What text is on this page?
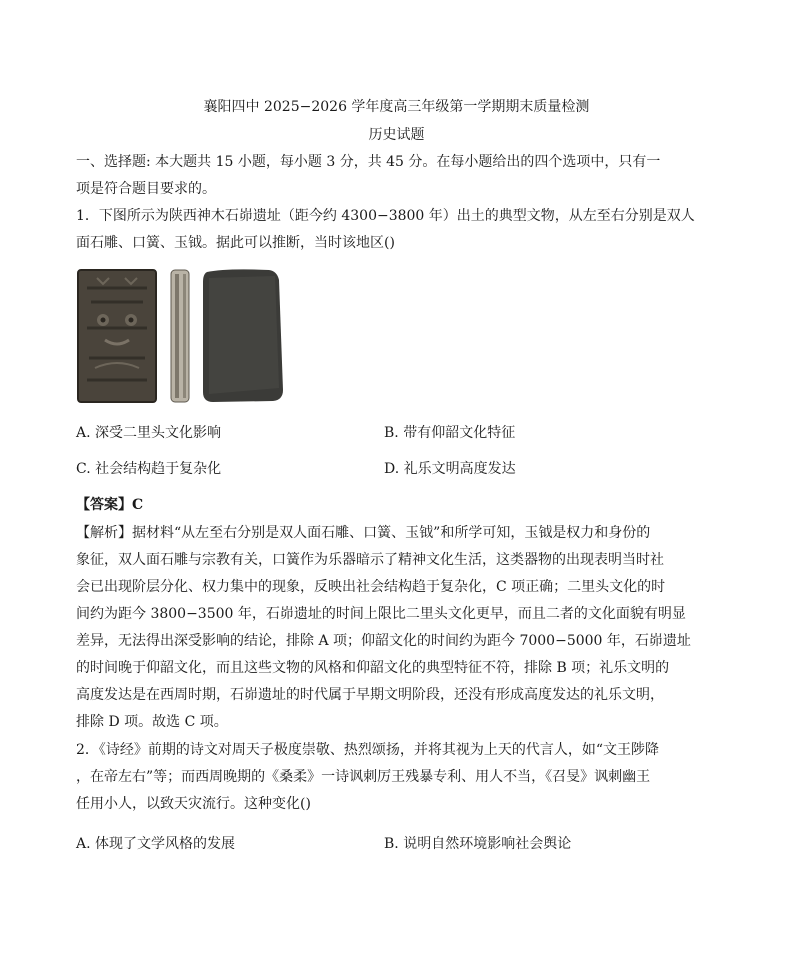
襄阳四中 2025−2026 学年度高三年级第一学期期末质量检测
历史试题
一、选择题: 本大题共 15 小题，每小题 3 分，共 45 分。在每小题给出的四个选项中，只有一
项是符合题目要求的。
1．下图所示为陕西神木石峁遗址（距今约 4300−3800 年）出土的典型文物，从左至右分别是双人
面石雕、口簧、玉钺。据此可以推断，当时该地区()
A. 深受二里头文化影响	B. 带有仰韶文化特征
C. 社会结构趋于复杂化	D. 礼乐文明高度发达
【答案】C
【解析】据材料“从左至右分别是双人面石雕、口簧、玉钺”和所学可知，玉钺是权力和身份的
象征，双人面石雕与宗教有关，口簧作为乐器暗示了精神文化生活，这类器物的出现表明当时社
会已出现阶层分化、权力集中的现象，反映出社会结构趋于复杂化，C 项正确；二里头文化的时
间约为距今 3800−3500 年，石峁遗址的时间上限比二里头文化更早，而且二者的文化面貌有明显
差异，无法得出深受影响的结论，排除 A 项；仰韶文化的时间约为距今 7000−5000 年，石峁遗址
的时间晚于仰韶文化，而且这些文物的风格和仰韶文化的典型特征不符，排除 B 项；礼乐文明的
高度发达是在西周时期，石峁遗址的时代属于早期文明阶段，还没有形成高度发达的礼乐文明，
排除 D 项。故选 C 项。
2．《诗经》前期的诗文对周天子极度崇敬、热烈颂扬，并将其视为上天的代言人，如“文王陟降
，在帝左右”等；而西周晚期的《桑柔》一诗讽刺厉王残暴专利、用人不当，《召旻》讽刺幽王
任用小人，以致天灾流行。这种变化()
A. 体现了文学风格的发展	B. 说明自然环境影响社会舆论
